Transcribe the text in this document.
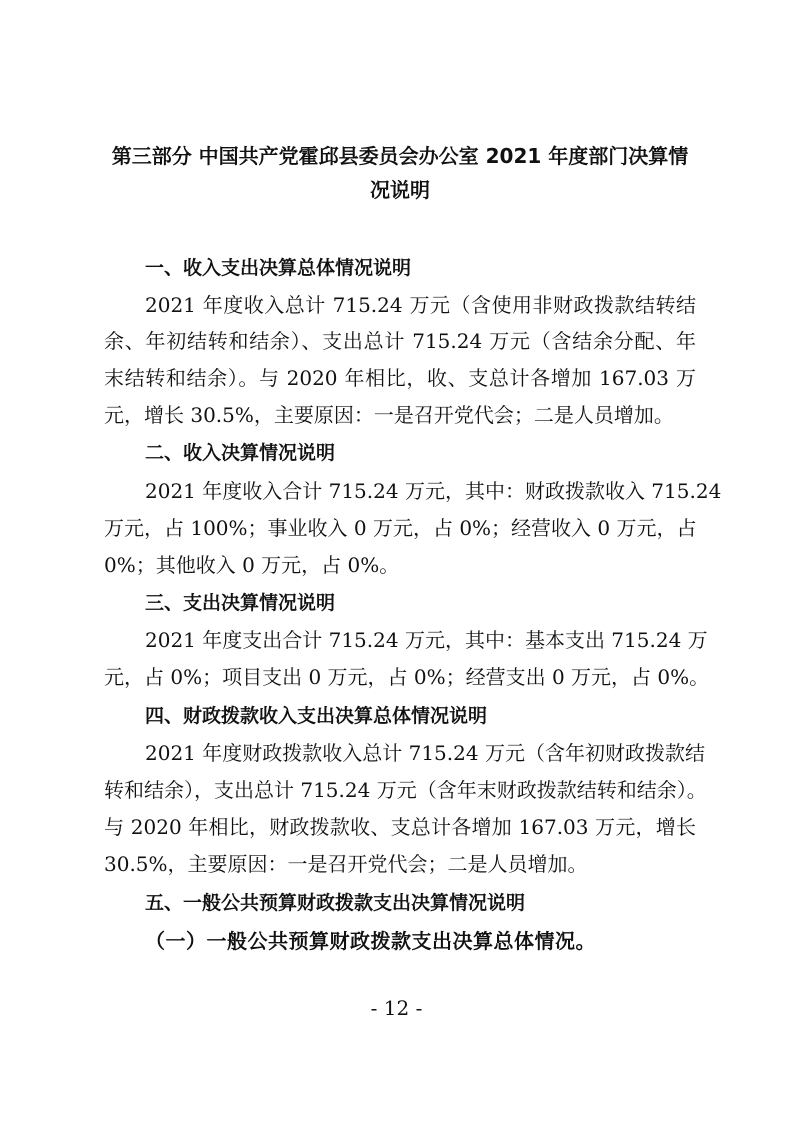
第三部分 中国共产党霍邱县委员会办公室 2021 年度部门决算情
况说明
一、收入支出决算总体情况说明
2021 年度收入总计 715.24 万元（含使用非财政拨款结转结
余、年初结转和结余）、支出总计 715.24 万元（含结余分配、年
末结转和结余）。与 2020 年相比，收、支总计各增加 167.03 万
元，增长 30.5%，主要原因：一是召开党代会；二是人员增加。
二、收入决算情况说明
2021 年度收入合计 715.24 万元，其中：财政拨款收入 715.24
万元，占 100%；事业收入 0 万元，占 0%；经营收入 0 万元，占
0%；其他收入 0 万元，占 0%。
三、支出决算情况说明
2021 年度支出合计 715.24 万元，其中：基本支出 715.24 万
元，占 0%；项目支出 0 万元，占 0%；经营支出 0 万元，占 0%。
四、财政拨款收入支出决算总体情况说明
2021 年度财政拨款收入总计 715.24 万元（含年初财政拨款结
转和结余），支出总计 715.24 万元（含年末财政拨款结转和结余）。
与 2020 年相比，财政拨款收、支总计各增加 167.03 万元，增长
30.5%，主要原因：一是召开党代会；二是人员增加。
五、一般公共预算财政拨款支出决算情况说明
（一）一般公共预算财政拨款支出决算总体情况。
- 12 -
